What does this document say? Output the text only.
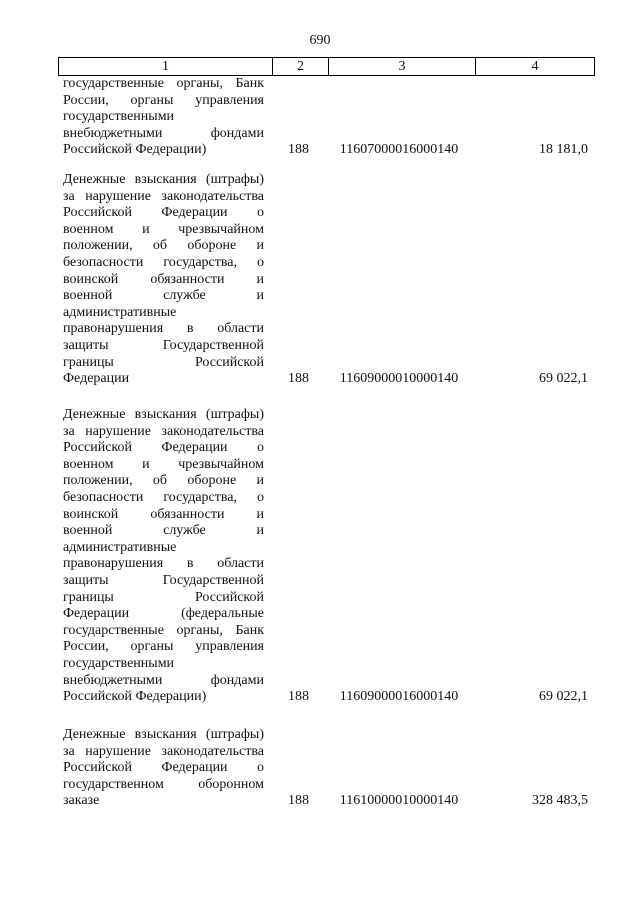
690
1	2	3	4
государственные органы, Банк
России, органы управления
государственными
внебюджетными фондами
Российской Федерации)	188	11607000016000140	18 181,0
Денежные взыскания (штрафы)
за нарушение законодательства
Российской Федерации о
военном и чрезвычайном
положении, об обороне и
безопасности государства, о
воинской обязанности и
военной службе и
административные
правонарушения в области
защиты Государственной
границы Российской
Федерации	188	11609000010000140	69 022,1
Денежные взыскания (штрафы)
за нарушение законодательства
Российской Федерации о
военном и чрезвычайном
положении, об обороне и
безопасности государства, о
воинской обязанности и
военной службе и
административные
правонарушения в области
защиты Государственной
границы Российской
Федерации (федеральные
государственные органы, Банк
России, органы управления
государственными
внебюджетными фондами
Российской Федерации)	188	11609000016000140	69 022,1
Денежные взыскания (штрафы)
за нарушение законодательства
Российской Федерации о
государственном оборонном
заказе	188	11610000010000140	328 483,5
